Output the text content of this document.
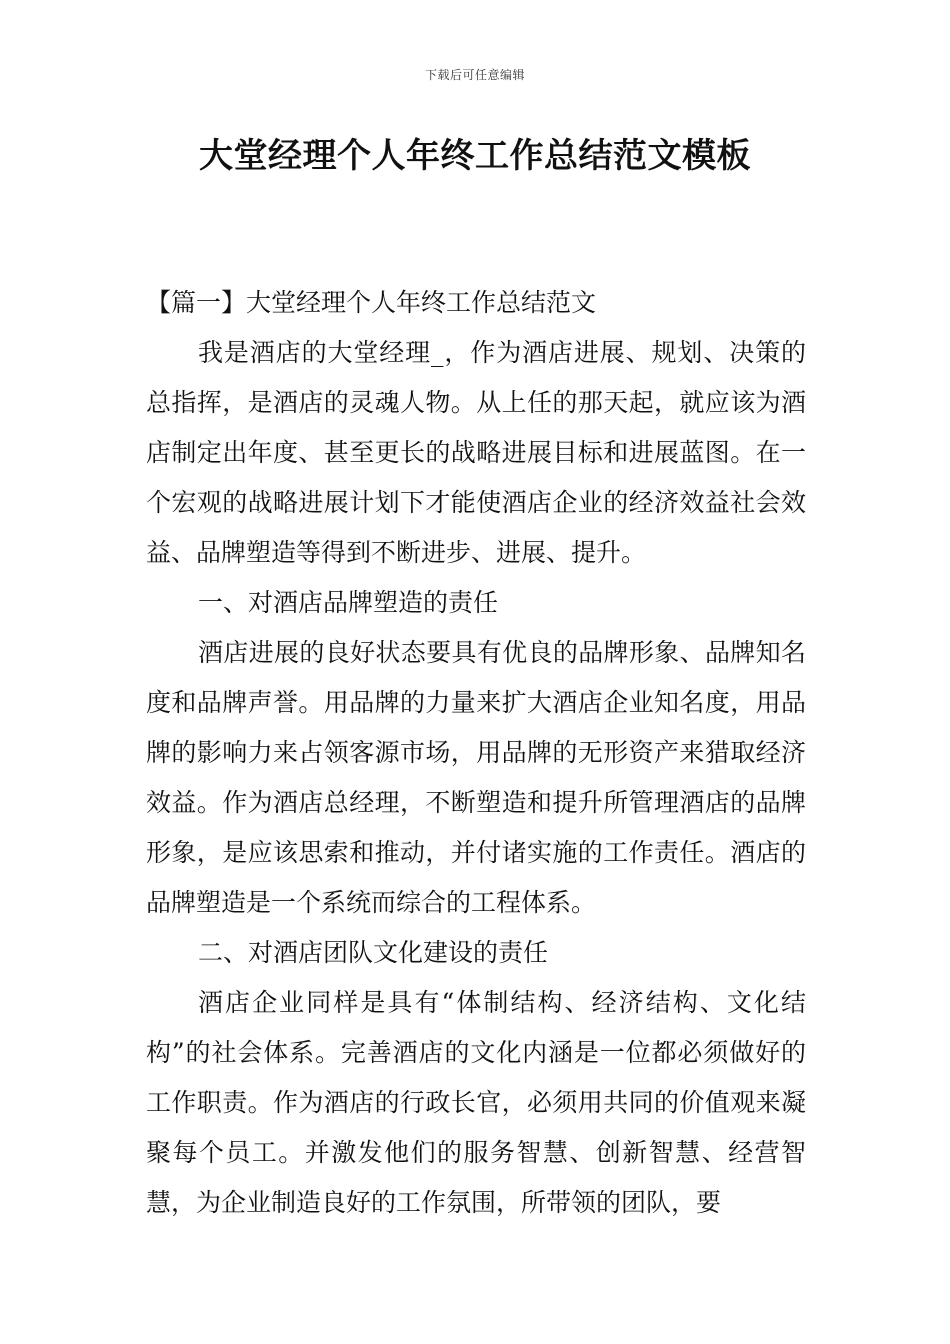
下载后可任意编辑
大堂经理个人年终工作总结范文模板

【篇一】大堂经理个人年终工作总结范文

我是酒店的大堂经理_，作为酒店进展、规划、决策的总指挥，是酒店的灵魂人物。从上任的那天起，就应该为酒店制定出年度、甚至更长的战略进展目标和进展蓝图。在一个宏观的战略进展计划下才能使酒店企业的经济效益社会效益、品牌塑造等得到不断进步、进展、提升。

一、对酒店品牌塑造的责任

酒店进展的良好状态要具有优良的品牌形象、品牌知名度和品牌声誉。用品牌的力量来扩大酒店企业知名度，用品牌的影响力来占领客源市场，用品牌的无形资产来猎取经济效益。作为酒店总经理，不断塑造和提升所管理酒店的品牌形象，是应该思索和推动，并付诸实施的工作责任。酒店的品牌塑造是一个系统而综合的工程体系。

二、对酒店团队文化建设的责任

酒店企业同样是具有“体制结构、经济结构、文化结构”的社会体系。完善酒店的文化内涵是一位都必须做好的工作职责。作为酒店的行政长官，必须用共同的价值观来凝聚每个员工。并激发他们的服务智慧、创新智慧、经营智慧，为企业制造良好的工作氛围，所带领的团队，要
